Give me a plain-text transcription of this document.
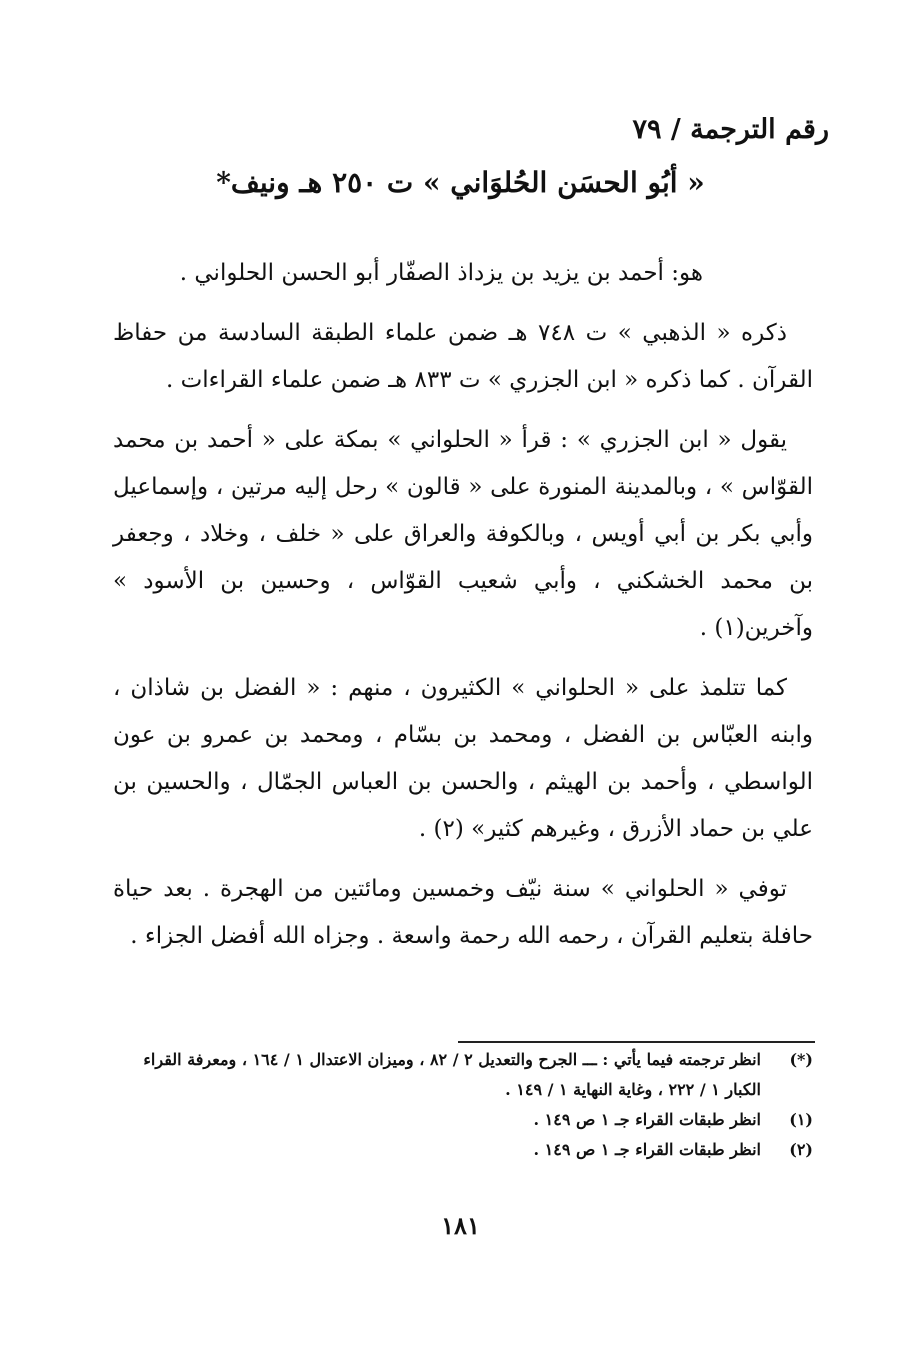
رقم الترجمة / ٧٩
« أبُو الحسَن الحُلوَاني » ت ٢٥٠ هـ ونيف*

هو: أحمد بن يزيد بن يزداذ الصفّار أبو الحسن الحلواني .

ذكره « الذهبي » ت ٧٤٨ هـ ضمن علماء الطبقة السادسة من حفاظ القرآن . كما ذكره « ابن الجزري » ت ٨٣٣ هـ ضمن علماء القراءات .

يقول « ابن الجزري » : قرأ « الحلواني » بمكة على « أحمد بن محمد القوّاس » ، وبالمدينة المنورة على « قالون » رحل إليه مرتين ، وإسماعيل وأبي بكر بن أبي أويس ، وبالكوفة والعراق على « خلف ، وخلاد ، وجعفر بن محمد الخشكني ، وأبي شعيب القوّاس ، وحسين بن الأسود » وآخرين(١) .

كما تتلمذ على « الحلواني » الكثيرون ، منهم : « الفضل بن شاذان ، وابنه العبّاس بن الفضل ، ومحمد بن بسّام ، ومحمد بن عمرو بن عون الواسطي ، وأحمد بن الهيثم ، والحسن بن العباس الجمّال ، والحسين بن علي بن حماد الأزرق ، وغيرهم كثير» (٢) .

توفي « الحلواني » سنة نيّف وخمسين ومائتين من الهجرة . بعد حياة حافلة بتعليم القرآن ، رحمه الله رحمة واسعة . وجزاه الله أفضل الجزاء .

(*)
انظر ترجمته فيما يأتي : ـــ الجرح والتعديل ٢ / ٨٢ ، وميزان الاعتدال ١ / ١٦٤ ، ومعرفة القراء الكبار ١ / ٢٢٢ ، وغاية النهاية ١ / ١٤٩ .
(١)
انظر طبقات القراء جـ ١ ص ١٤٩ .
(٢)
انظر طبقات القراء جـ ١ ص ١٤٩ .
١٨١
